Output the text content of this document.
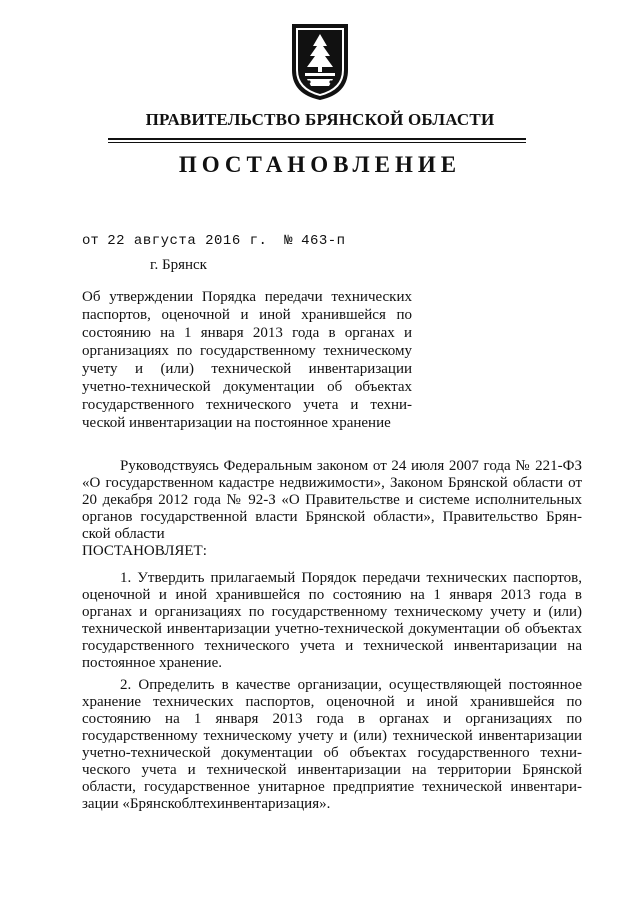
ПРАВИТЕЛЬСТВО БРЯНСКОЙ ОБЛАСТИ
ПОСТАНОВЛЕНИЕ
от 22 августа 2016 г. № 463-п
г. Брянск
Об утверждении Порядка передачи технических
паспортов, оценочной и иной хранившейся по
состоянию на 1 января 2013 года в органах и
организациях по государственному техническому
учету и (или) технической инвентаризации
учетно-технической документации об объектах
государственного технического учета и техни-
ческой инвентаризации на постоянное хранение
Руководствуясь Федеральным законом от 24 июля 2007 года № 221-ФЗ
«О государственном кадастре недвижимости», Законом Брянской области от
20 декабря 2012 года № 92-З «О Правительстве и системе исполнительных
органов государственной власти Брянской области», Правительство Брян-
ской области
ПОСТАНОВЛЯЕТ:
1. Утвердить прилагаемый Порядок передачи технических паспортов,
оценочной и иной хранившейся по состоянию на 1 января 2013 года в
органах и организациях по государственному техническому учету и (или)
технической инвентаризации учетно-технической документации об объектах
государственного технического учета и технической инвентаризации на
постоянное хранение.
2. Определить в качестве организации, осуществляющей постоянное
хранение технических паспортов, оценочной и иной хранившейся по
состоянию на 1 января 2013 года в органах и организациях по
государственному техническому учету и (или) технической инвентаризации
учетно-технической документации об объектах государственного техни-
ческого учета и технической инвентаризации на территории Брянской
области, государственное унитарное предприятие технической инвентари-
зации «Брянскоблтехинвентаризация».
